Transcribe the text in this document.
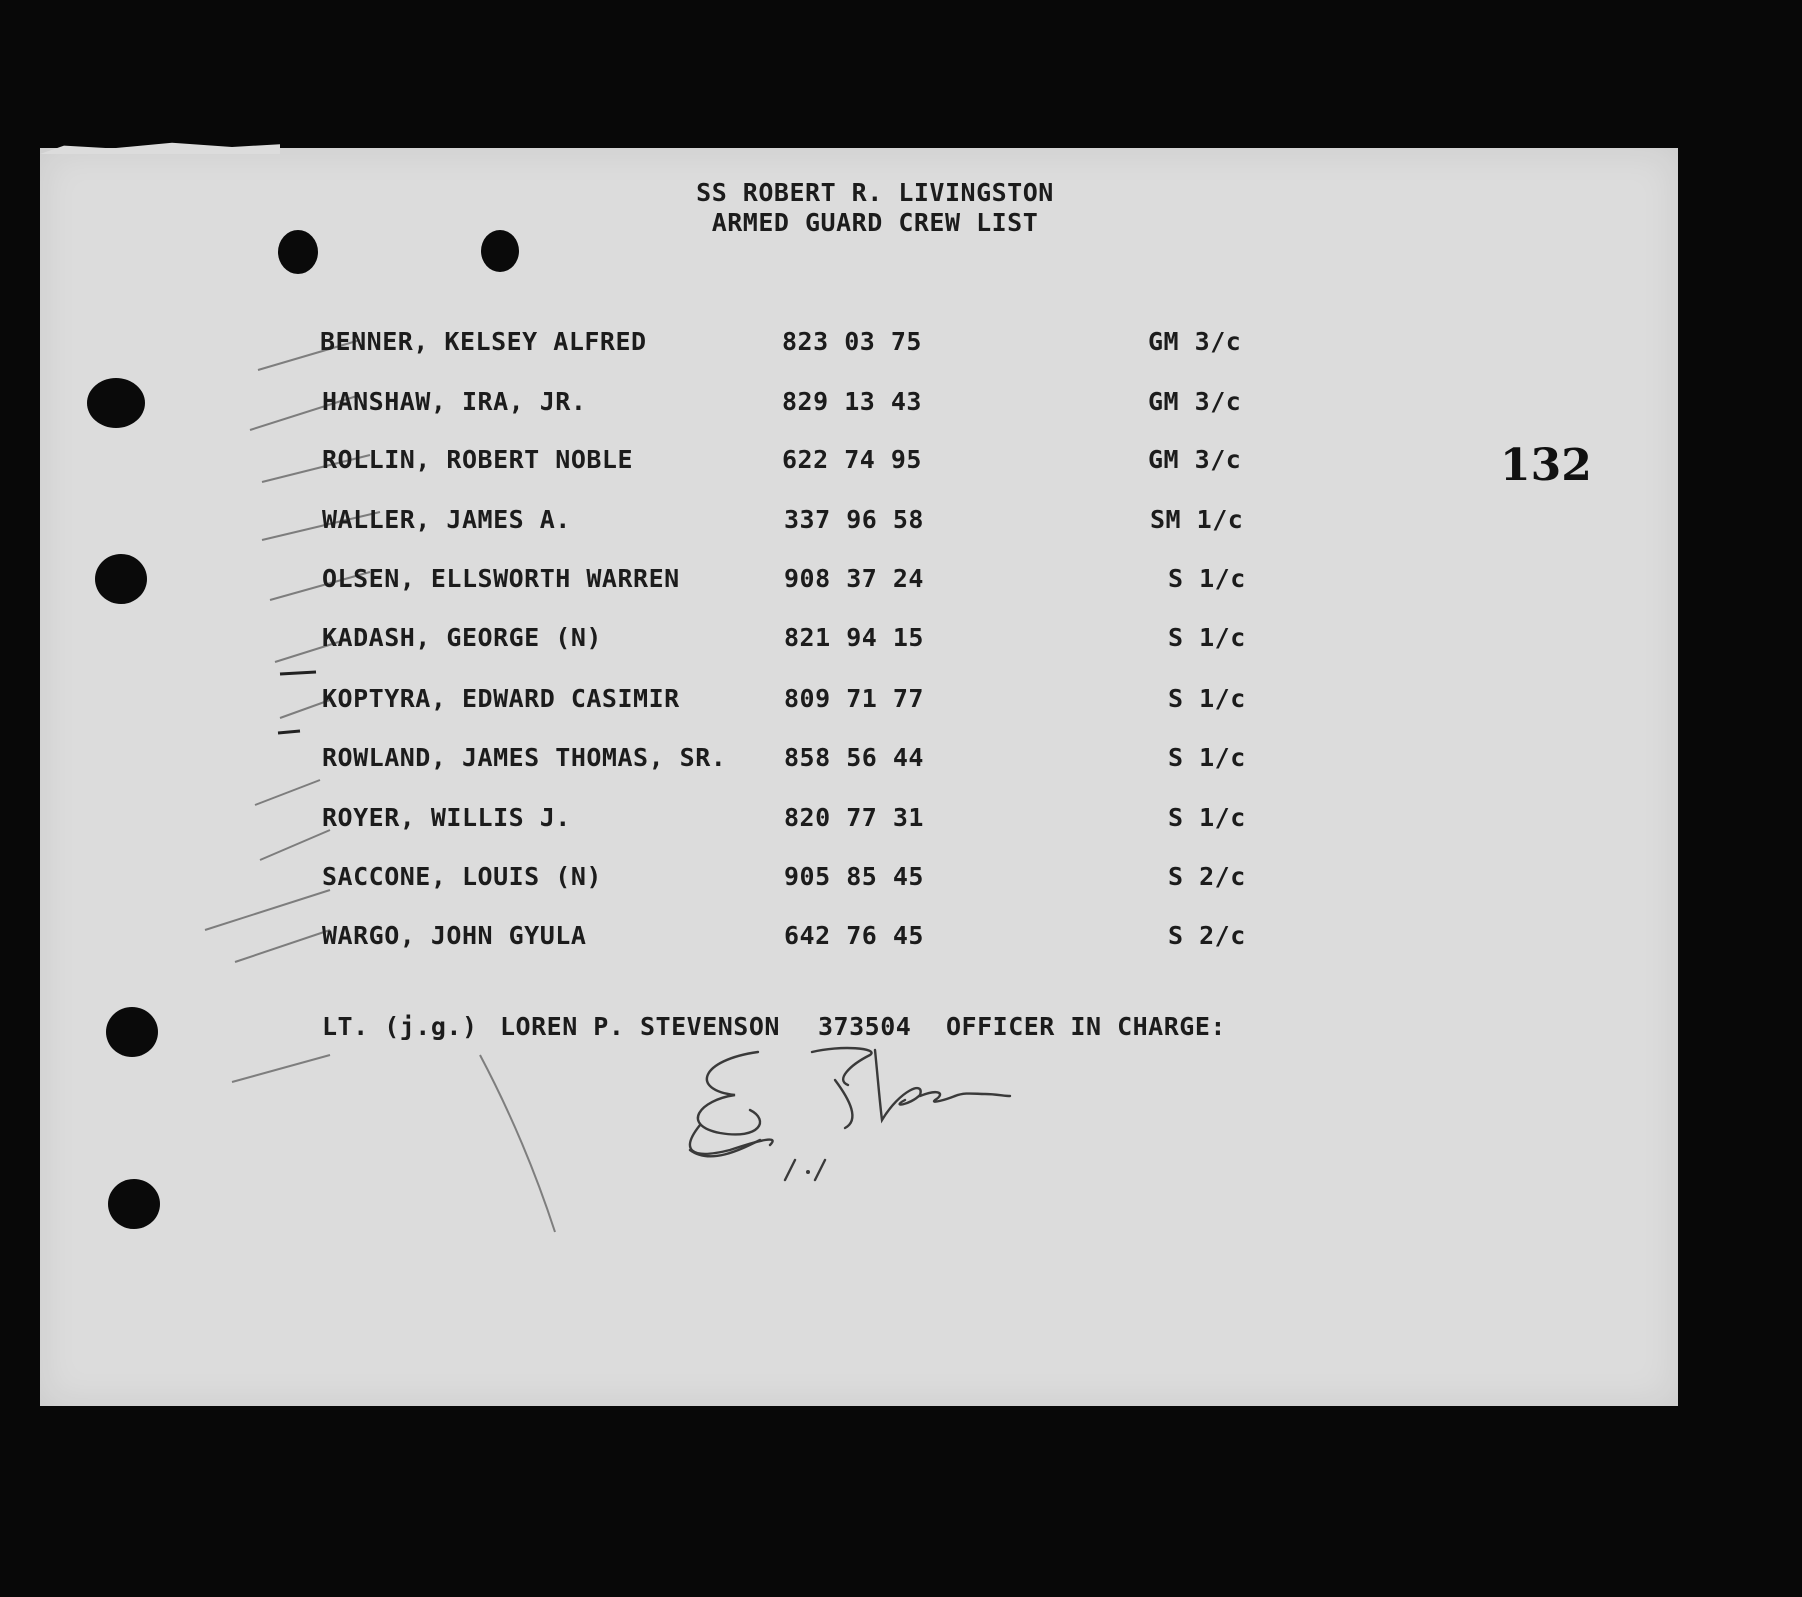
SS ROBERT R. LIVINGSTON
ARMED GUARD CREW LIST
132
BENNER, KELSEY ALFRED	823 03 75	GM 3/c
HANSHAW, IRA, JR.	829 13 43	GM 3/c
ROLLIN, ROBERT NOBLE	622 74 95	GM 3/c
WALLER, JAMES A.	337 96 58	SM 1/c
OLSEN, ELLSWORTH WARREN	908 37 24	S 1/c
KADASH, GEORGE (N)	821 94 15	S 1/c
KOPTYRA, EDWARD CASIMIR	809 71 77	S 1/c
ROWLAND, JAMES THOMAS, SR. 858 56 44	S 1/c
ROYER, WILLIS J.	820 77 31	S 1/c
SACCONE, LOUIS (N)	905 85 45	S 2/c
WARGO, JOHN GYULA	642 76 45	S 2/c
LT. (j.g.) LOREN P. STEVENSON 373504 OFFICER IN CHARGE:
